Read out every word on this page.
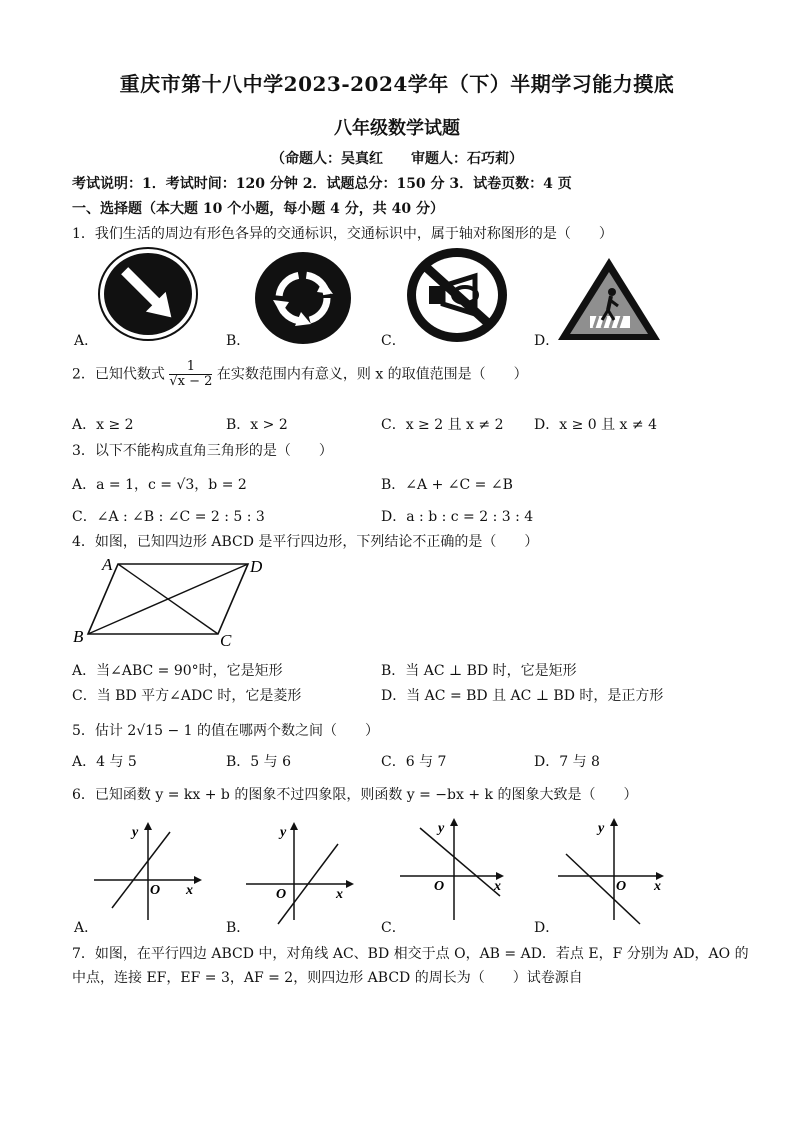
重庆市第十八中学2023-2024学年（下）半期学习能力摸底
八年级数学试题
（命题人：吴真红　　审题人：石巧莉）
考试说明：1．考试时间：120 分钟 2．试题总分：150 分 3．试卷页数：4 页
一、选择题（本大题 10 个小题，每小题 4 分，共 40 分）
1．我们生活的周边有形色各异的交通标识，交通标识中，属于轴对称图形的是（　　）
A．	B．	C．	D．
2．已知代数式 $\frac{1}{√x - 2}$ 在实数范围内有意义，则 x 的取值范围是（　　）
A．x ≥ 2	B．x > 2	C．x ≥ 2 且 x ≠ 2 D．x ≥ 0 且 x ≠ 4
3．以下不能构成直角三角形的是（　　）
A．a = 1，c = √3，b = 2	B．∠A + ∠C = ∠B
C．∠A : ∠B : ∠C = 2 : 5 : 3	D．a : b : c = 2 : 3 : 4
4．如图，已知四边形 ABCD 是平行四边形，下列结论不正确的是（　　）
A	D
B	C
A．当∠ABC = 90°时，它是矩形	B．当 AC ⊥ BD 时，它是矩形
C．当 BD 平方∠ADC 时，它是菱形	D．当 AC = BD 且 AC ⊥ BD 时，是正方形
5．估计 2√15 − 1 的值在哪两个数之间（　　）
A．4 与 5	B．5 与 6	C．6 与 7	D．7 与 8
6．已知函数 y = kx + b 的图象不过四象限，则函数 y = −bx + k 的图象大致是（　　）
y
x
O
A．
y
x
O
B．
y
x
O
C．
y
x
O
D．
7．如图，在平行四边 ABCD 中，对角线 AC、BD 相交于点 O，AB = AD．若点 E，F 分别为 AD，AO 的
中点，连接 EF，EF = 3，AF = 2，则四边形 ABCD 的周长为（　　）试卷源自
